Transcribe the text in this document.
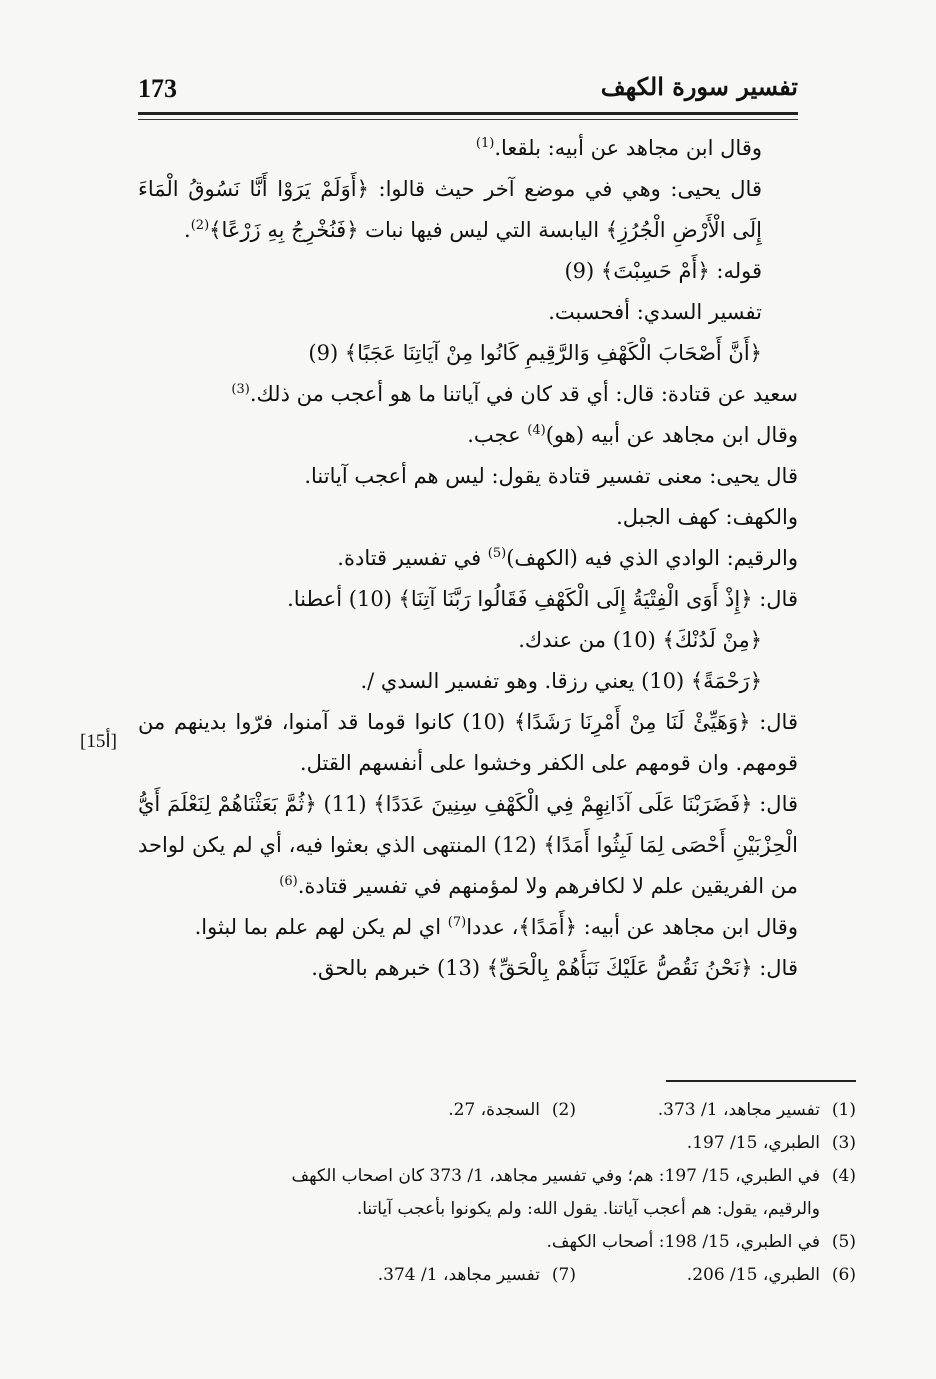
173	تفسير سورة الكهف
[15أ]

وقال ابن مجاهد عن أبيه: بلقعا.$^{(1)}$

قال يحيى: وهي في موضع آخر حيث قالوا: ﴿أَوَلَمْ يَرَوْا أَنَّا نَسُوقُ الْمَاءَ إِلَى الْأَرْضِ الْجُرُزِ﴾ اليابسة التي ليس فيها نبات ﴿فَنُخْرِجُ بِهِ زَرْعًا﴾$^{(2)}$.

قوله: ﴿أَمْ حَسِبْتَ﴾ (9)

تفسير السدي: أفحسبت.

﴿أَنَّ أَصْحَابَ الْكَهْفِ وَالرَّقِيمِ كَانُوا مِنْ آيَاتِنَا عَجَبًا﴾ (9)

سعيد عن قتادة: قال: أي قد كان في آياتنا ما هو أعجب من ذلك.$^{(3)}$

وقال ابن مجاهد عن أبيه (هو)$^{(4)}$ عجب.

قال يحيى: معنى تفسير قتادة يقول: ليس هم أعجب آياتنا.

والكهف: كهف الجبل.

والرقيم: الوادي الذي فيه (الكهف)$^{(5)}$ في تفسير قتادة.

قال: ﴿إِذْ أَوَى الْفِتْيَةُ إِلَى الْكَهْفِ فَقَالُوا رَبَّنَا آتِنَا﴾ (10) أعطنا.

﴿مِنْ لَدُنْكَ﴾ (10) من عندك.

﴿رَحْمَةً﴾ (10) يعني رزقا. وهو تفسير السدي /.

قال: ﴿وَهَيِّئْ لَنَا مِنْ أَمْرِنَا رَشَدًا﴾ (10) كانوا قوما قد آمنوا، فرّوا بدينهم من قومهم. وان قومهم على الكفر وخشوا على أنفسهم القتل.

قال: ﴿فَضَرَبْنَا عَلَى آذَانِهِمْ فِي الْكَهْفِ سِنِينَ عَدَدًا﴾ (11) ﴿ثُمَّ بَعَثْنَاهُمْ لِنَعْلَمَ أَيُّ الْحِزْبَيْنِ أَحْصَى لِمَا لَبِثُوا أَمَدًا﴾ (12) المنتهى الذي بعثوا فيه، أي لم يكن لواحد من الفريقين علم لا لكافرهم ولا لمؤمنهم في تفسير قتادة.$^{(6)}$

وقال ابن مجاهد عن أبيه: ﴿أَمَدًا﴾، عددا$^{(7)}$ اي لم يكن لهم علم بما لبثوا.

قال: ﴿نَحْنُ نَقُصُّ عَلَيْكَ نَبَأَهُمْ بِالْحَقِّ﴾ (13) خبرهم بالحق.

(1)تفسير مجاهد، 1/ 373.
(2)السجدة، 27.
(3)الطبري، 15/ 197.
(4)في الطبري، 15/ 197: هم؛ وفي تفسير مجاهد، 1/ 373 كان اصحاب الكهف
والرقيم، يقول: هم أعجب آياتنا. يقول الله: ولم يكونوا بأعجب آياتنا.
(5)في الطبري، 15/ 198: أصحاب الكهف.
(6)الطبري، 15/ 206.
(7)تفسير مجاهد، 1/ 374.
